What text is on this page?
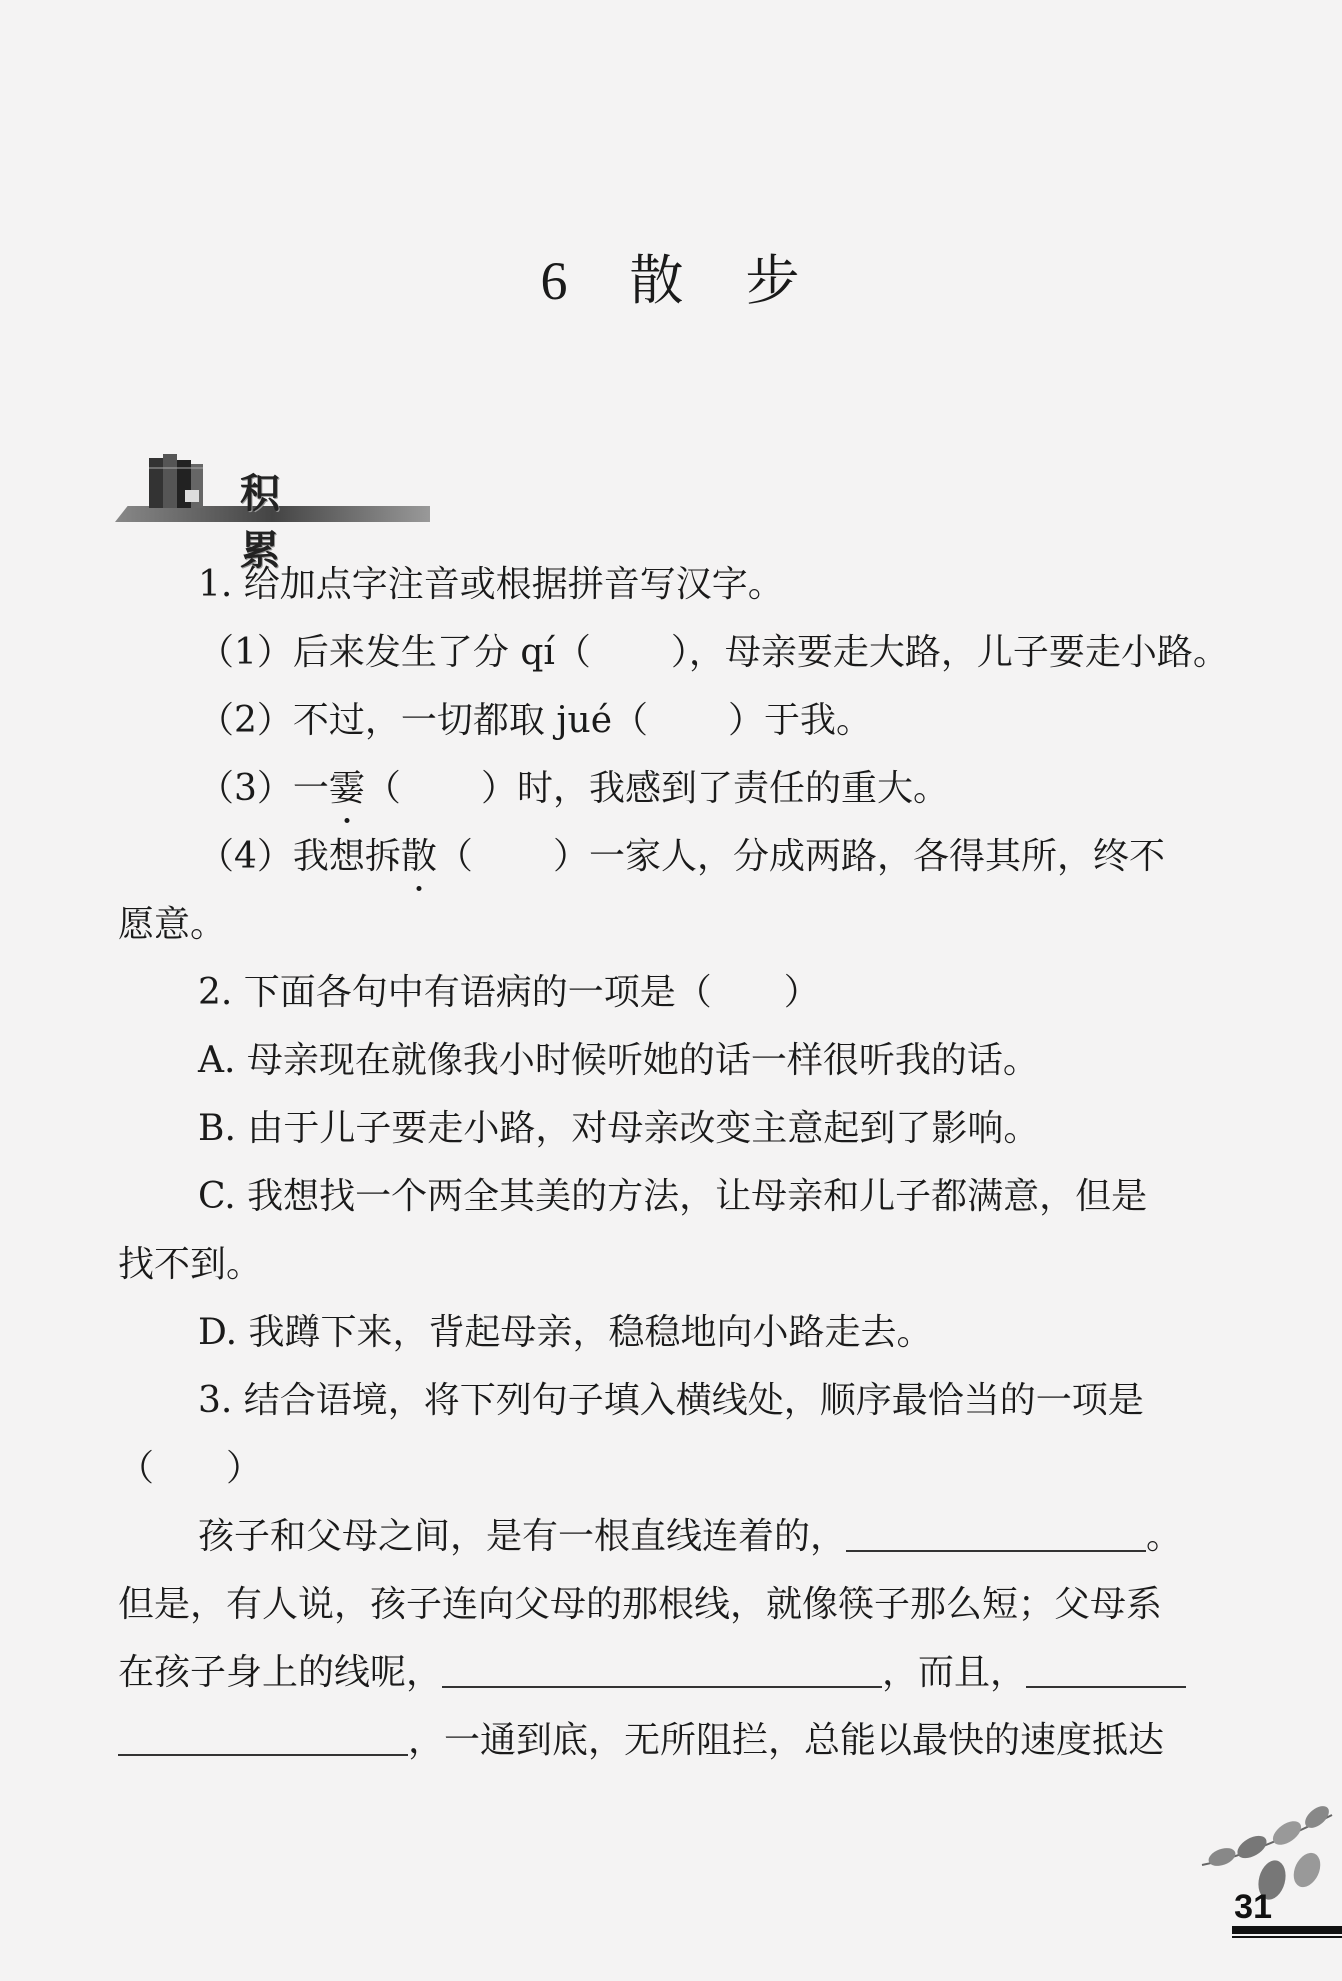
6 散 步
积 累
1. 给加点字注音或根据拼音写汉字。
（1）后来发生了分 qí（ ），母亲要走大路，儿子要走小路。
（2）不过，一切都取 jué（ ）于我。
（3）一霎（ ）时，我感到了责任的重大。
（4）我想拆散（ ）一家人，分成两路，各得其所，终不
愿意。
2. 下面各句中有语病的一项是（　　）
A. 母亲现在就像我小时候听她的话一样很听我的话。
B. 由于儿子要走小路，对母亲改变主意起到了影响。
C. 我想找一个两全其美的方法，让母亲和儿子都满意，但是
找不到。
D. 我蹲下来，背起母亲，稳稳地向小路走去。
3. 结合语境，将下列句子填入横线处，顺序最恰当的一项是
（　　）
孩子和父母之间，是有一根直线连着的，	。
但是，有人说，孩子连向父母的那根线，就像筷子那么短；父母系
在孩子身上的线呢，	，而且，
，一通到底，无所阻拦，总能以最快的速度抵达
31
